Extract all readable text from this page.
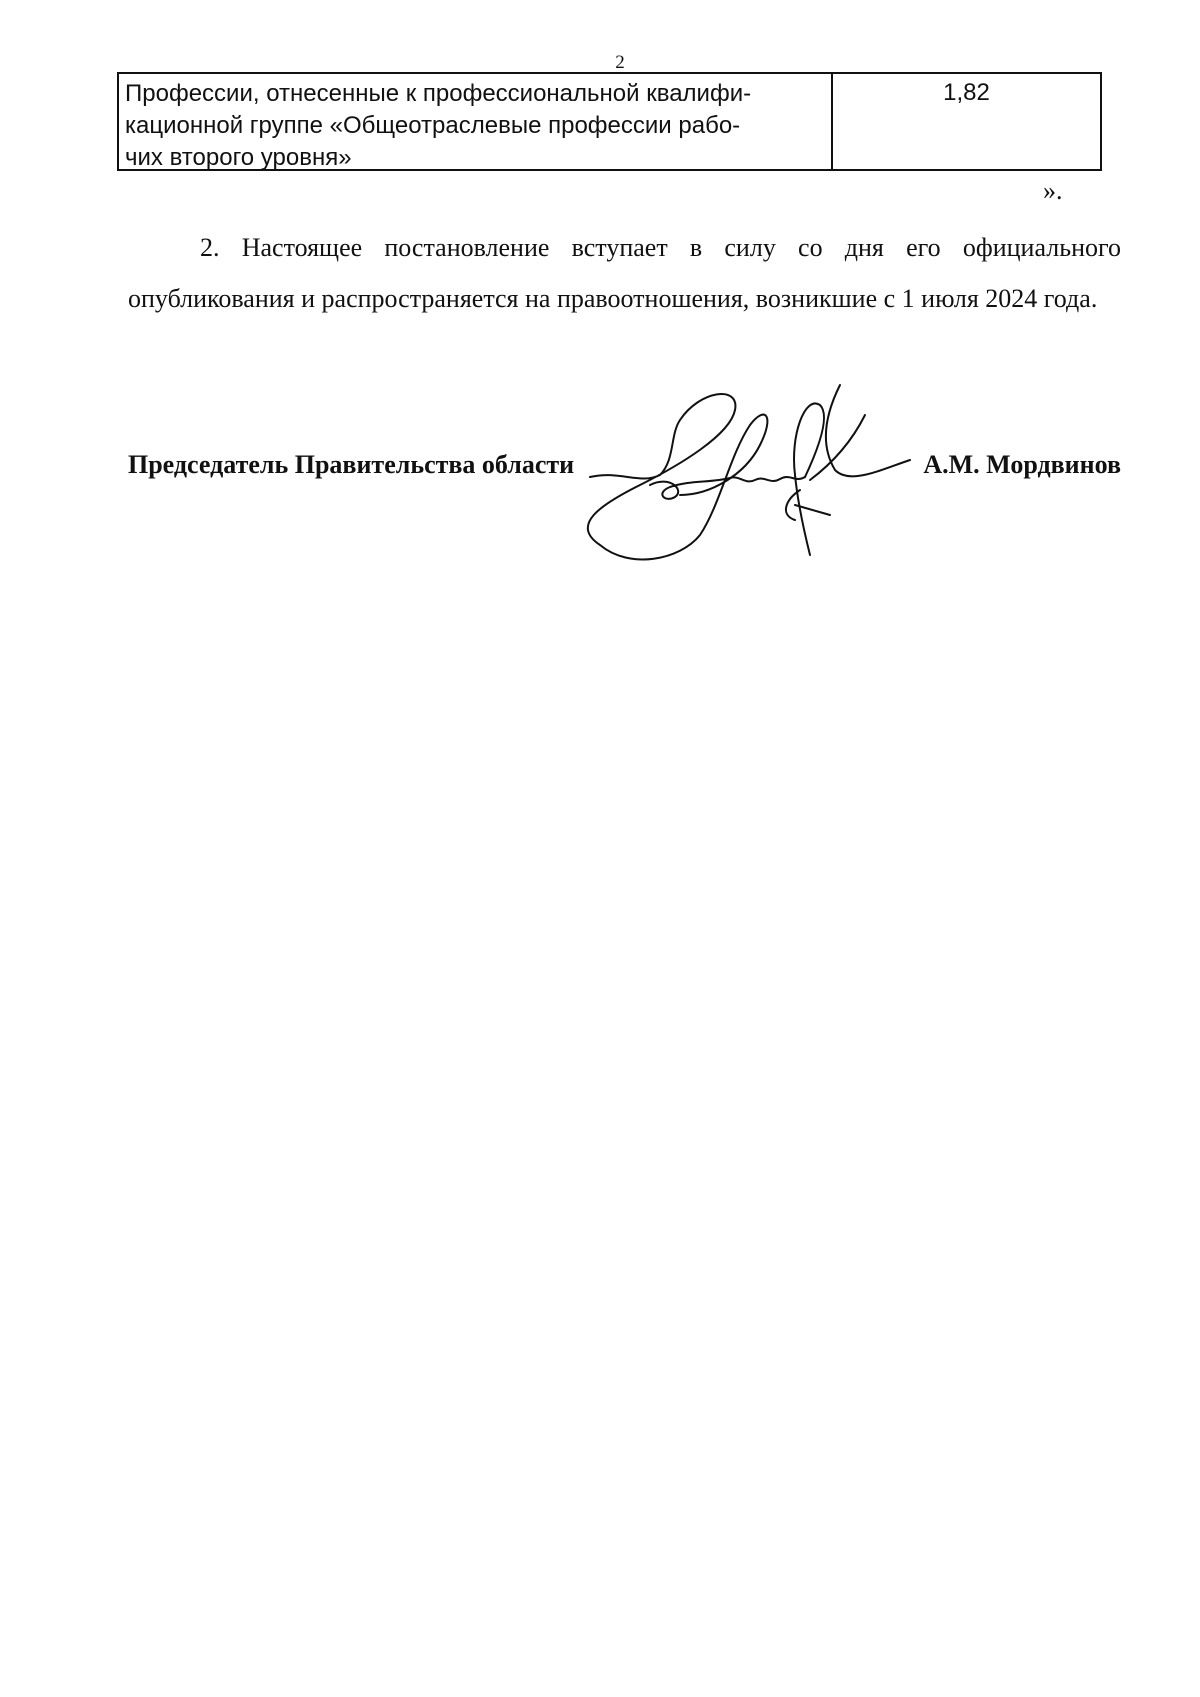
2
Профессии, отнесенные к профессиональной квалифи-
кационной группе «Общеотраслевые профессии рабо-
чих второго уровня»
1,82
».
2. Настоящее постановление вступает в силу со дня его официального опубликования и распространяется на правоотношения, возникшие с 1 июля 2024 года.
Председатель Правительства области	А.М. Мордвинов
